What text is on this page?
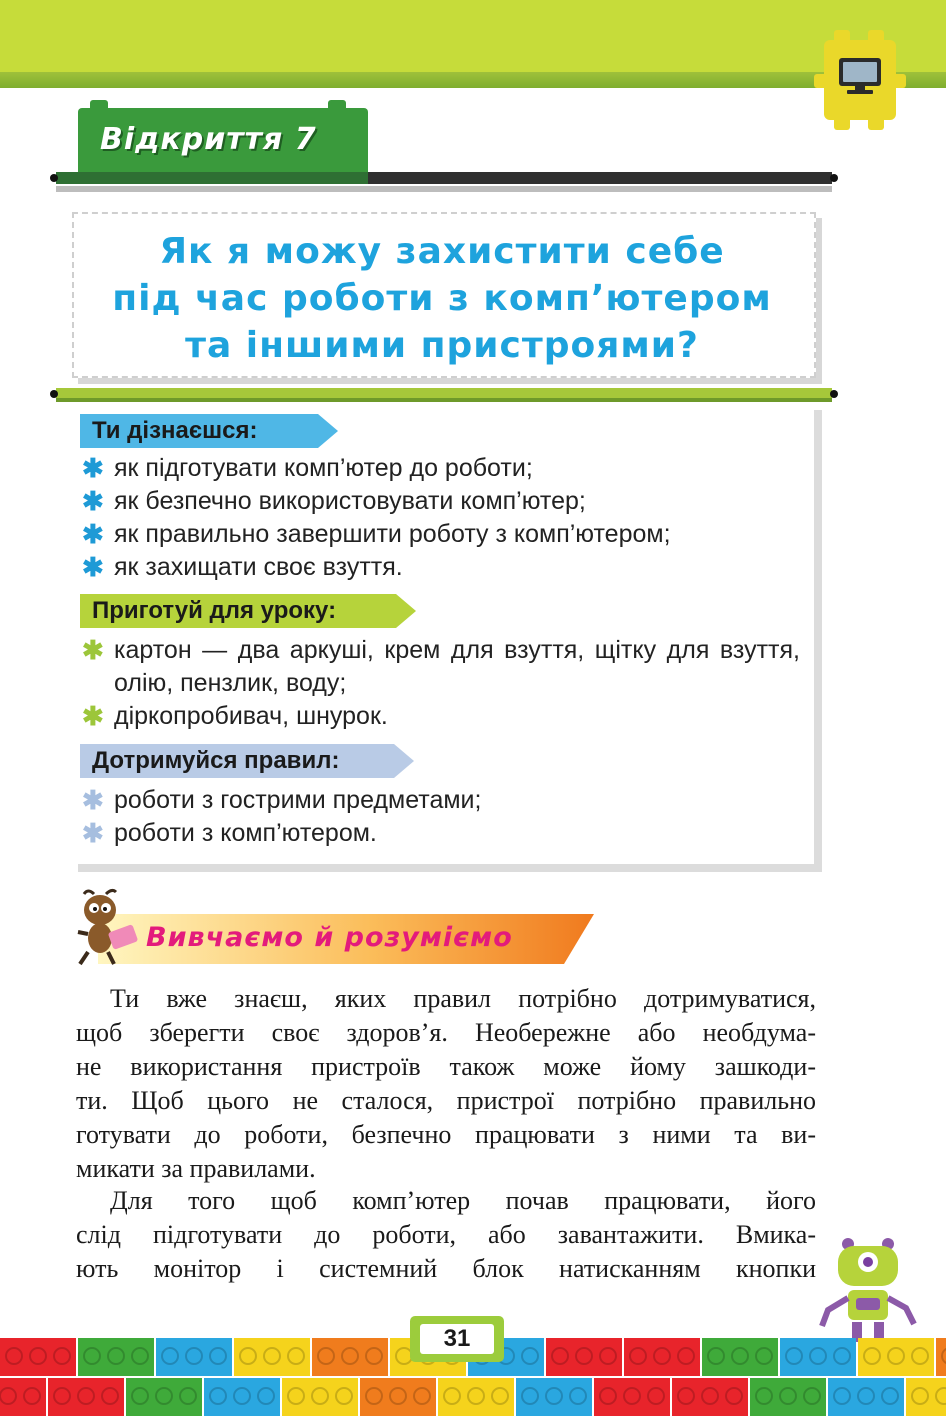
Відкриття 7
Як я можу захистити себе
під час роботи з комп’ютером
та іншими пристроями?
Ти дізнаєшся:
✱ як підготувати комп’ютер до роботи;
✱ як безпечно використовувати комп’ютер;
✱ як правильно завершити роботу з комп’ютером;
✱ як захищати своє взуття.
Приготуй для уроку:
✱ картон — два аркуші, крем для взуття, щітку для взуття, олію, пензлик, воду;
✱ діркопробивач, шнурок.
Дотримуйся правил:
✱ роботи з гострими предметами;
✱ роботи з комп’ютером.
Вивчаємо й розуміємо

Ти вже знаєш, яких правил потрібно дотримуватися,
щоб зберегти своє здоров’я. Необережне або необдума-
не використання пристроїв також може йому зашкоди-
ти. Щоб цього не сталося, пристрої потрібно правильно
готувати до роботи, безпечно працювати з ними та ви-
микати за правилами.

Для того щоб комп’ютер почав працювати, його
слід підготувати до роботи, або завантажити. Вмика-
ють монітор і системний блок натисканням кнопки

31
